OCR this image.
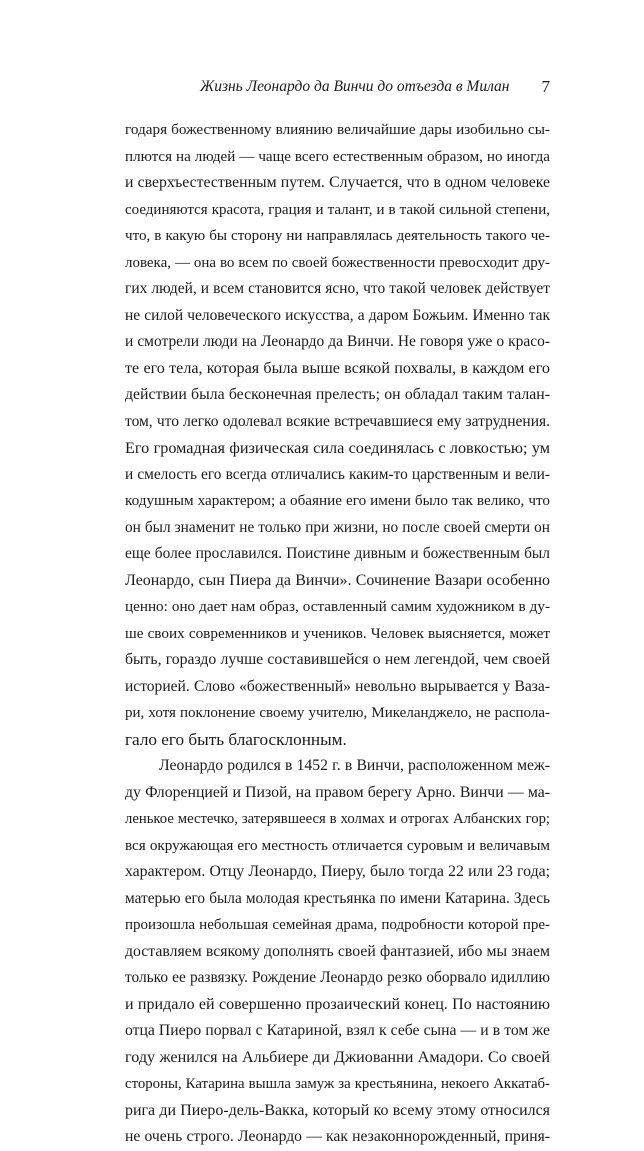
Жизнь Леонардо да Винчи до отъезда в Милан 7
годаря божественному влиянию величайшие дары изобильно сы-
плются на людей — чаще всего естественным образом, но иногда
и сверхъестественным путем. Случается, что в одном человеке
соединяются красота, грация и талант, и в такой сильной степени,
что, в какую бы сторону ни направлялась деятельность такого че-
ловека, — она во всем по своей божественности превосходит дру-
гих людей, и всем становится ясно, что такой человек действует
не силой человеческого искусства, а даром Божьим. Именно так
и смотрели люди на Леонардо да Винчи. Не говоря уже о красо-
те его тела, которая была выше всякой похвалы, в каждом его
действии была бесконечная прелесть; он обладал таким талан-
том, что легко одолевал всякие встречавшиеся ему затруднения.
Его громадная физическая сила соединялась с ловкостью; ум
и смелость его всегда отличались каким-то царственным и вели-
кодушным характером; а обаяние его имени было так велико, что
он был знаменит не только при жизни, но после своей смерти он
еще более прославился. Поистине дивным и божественным был
Леонардо, сын Пиера да Винчи». Сочинение Вазари особенно
ценно: оно дает нам образ, оставленный самим художником в ду-
ше своих современников и учеников. Человек выясняется, может
быть, гораздо лучше составившейся о нем легендой, чем своей
историей. Слово «божественный» невольно вырывается у Ваза-
ри, хотя поклонение своему учителю, Микеланджело, не распола-
гало его быть благосклонным.
Леонардо родился в 1452 г. в Винчи, расположенном меж-
ду Флоренцией и Пизой, на правом берегу Арно. Винчи — ма-
ленькое местечко, затерявшееся в холмах и отрогах Албанских гор;
вся окружающая его местность отличается суровым и величавым
характером. Отцу Леонардо, Пиеру, было тогда 22 или 23 года;
матерью его была молодая крестьянка по имени Катарина. Здесь
произошла небольшая семейная драма, подробности которой пре-
доставляем всякому дополнять своей фантазией, ибо мы знаем
только ее развязку. Рождение Леонардо резко оборвало идиллию
и придало ей совершенно прозаический конец. По настоянию
отца Пиеро порвал с Катариной, взял к себе сына — и в том же
году женился на Альбиере ди Джиованни Амадори. Со своей
стороны, Катарина вышла замуж за крестьянина, некоего Аккатаб-
рига ди Пиеро-дель-Вакка, который ко всему этому относился
не очень строго. Леонардо — как незаконнорожденный, приня-
